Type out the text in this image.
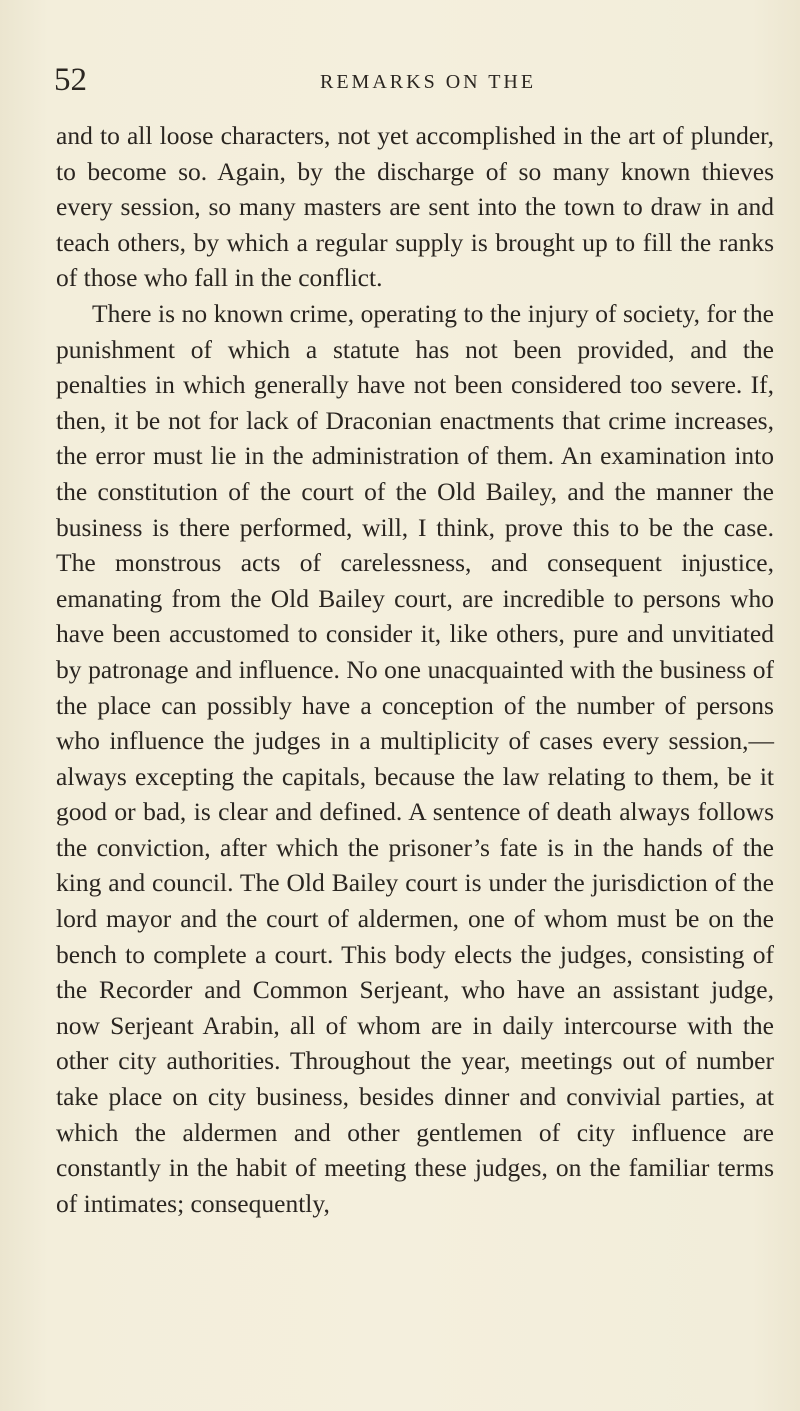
52	REMARKS ON THE

and to all loose characters, not yet accomplished in the art of plunder, to become so. Again, by the discharge of so many known thieves every session, so many masters are sent into the town to draw in and teach others, by which a regular supply is brought up to fill the ranks of those who fall in the conflict.

There is no known crime, operating to the injury of society, for the punishment of which a statute has not been provided, and the penalties in which generally have not been considered too severe. If, then, it be not for lack of Draconian enactments that crime increases, the error must lie in the administration of them. An examination into the constitution of the court of the Old Bailey, and the manner the business is there performed, will, I think, prove this to be the case. The monstrous acts of carelessness, and consequent injustice, emanating from the Old Bailey court, are incredible to persons who have been accustomed to consider it, like others, pure and unvitiated by patronage and influence. No one unacquainted with the business of the place can possibly have a conception of the number of persons who influence the judges in a multiplicity of cases every session,—always excepting the capitals, because the law relating to them, be it good or bad, is clear and defined. A sentence of death always follows the conviction, after which the prisoner’s fate is in the hands of the king and council. The Old Bailey court is under the jurisdiction of the lord mayor and the court of aldermen, one of whom must be on the bench to complete a court. This body elects the judges, consisting of the Recorder and Common Serjeant, who have an assistant judge, now Serjeant Arabin, all of whom are in daily intercourse with the other city authorities. Throughout the year, meetings out of number take place on city business, besides dinner and convivial parties, at which the aldermen and other gentlemen of city influence are constantly in the habit of meeting these judges, on the familiar terms of intimates; consequently,
